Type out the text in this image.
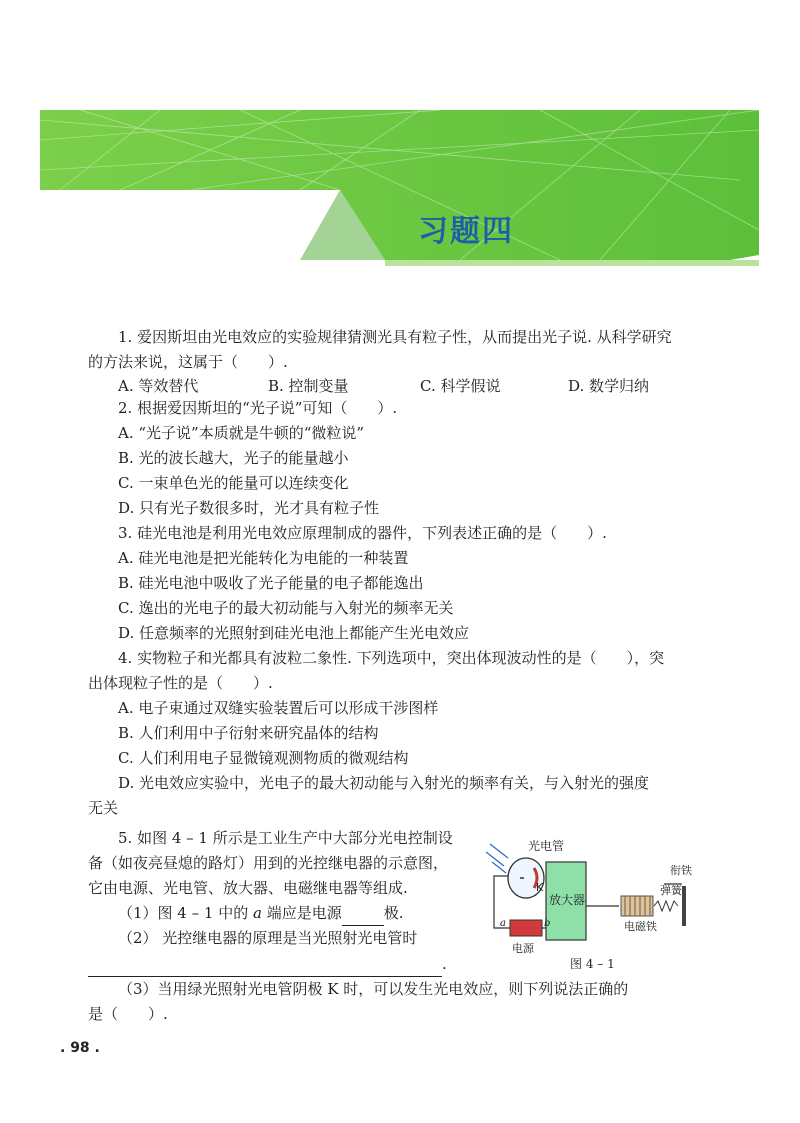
习题四

1. 爱因斯坦由光电效应的实验规律猜测光具有粒子性，从而提出光子说. 从科学研究

的方法来说，这属于（　　）.

A. 等效替代	B. 控制变量	C. 科学假说	D. 数学归纳

2. 根据爱因斯坦的“光子说”可知（　　）.

A. “光子说”本质就是牛顿的“微粒说”

B. 光的波长越大，光子的能量越小

C. 一束单色光的能量可以连续变化

D. 只有光子数很多时，光才具有粒子性

3. 硅光电池是利用光电效应原理制成的器件，下列表述正确的是（　　）.

A. 硅光电池是把光能转化为电能的一种装置

B. 硅光电池中吸收了光子能量的电子都能逸出

C. 逸出的光电子的最大初动能与入射光的频率无关

D. 任意频率的光照射到硅光电池上都能产生光电效应

4. 实物粒子和光都具有波粒二象性. 下列选项中，突出体现波动性的是（　　），突

出体现粒子性的是（　　）.

A. 电子束通过双缝实验装置后可以形成干涉图样

B. 人们利用中子衍射来研究晶体的结构

C. 人们利用电子显微镜观测物质的微观结构

D. 光电效应实验中，光电子的最大初动能与入射光的频率有关，与入射光的强度

无关

5. 如图 4 – 1 所示是工业生产中大部分光电控制设

备（如夜亮昼熄的路灯）用到的光控继电器的示意图，

它由电源、光电管、放大器、电磁继电器等组成.

（1）图 4 – 1 中的 a 端应是电源	极.

（2） 光控继电器的原理是当光照射光电管时

.

（3）当用绿光照射光电管阴极 K 时，可以发生光电效应，则下列说法正确的

是（　　）.

光电管
K
放大器
衔铁
弹簧
电磁铁
a	b
电源
图 4 – 1
. 98 .
